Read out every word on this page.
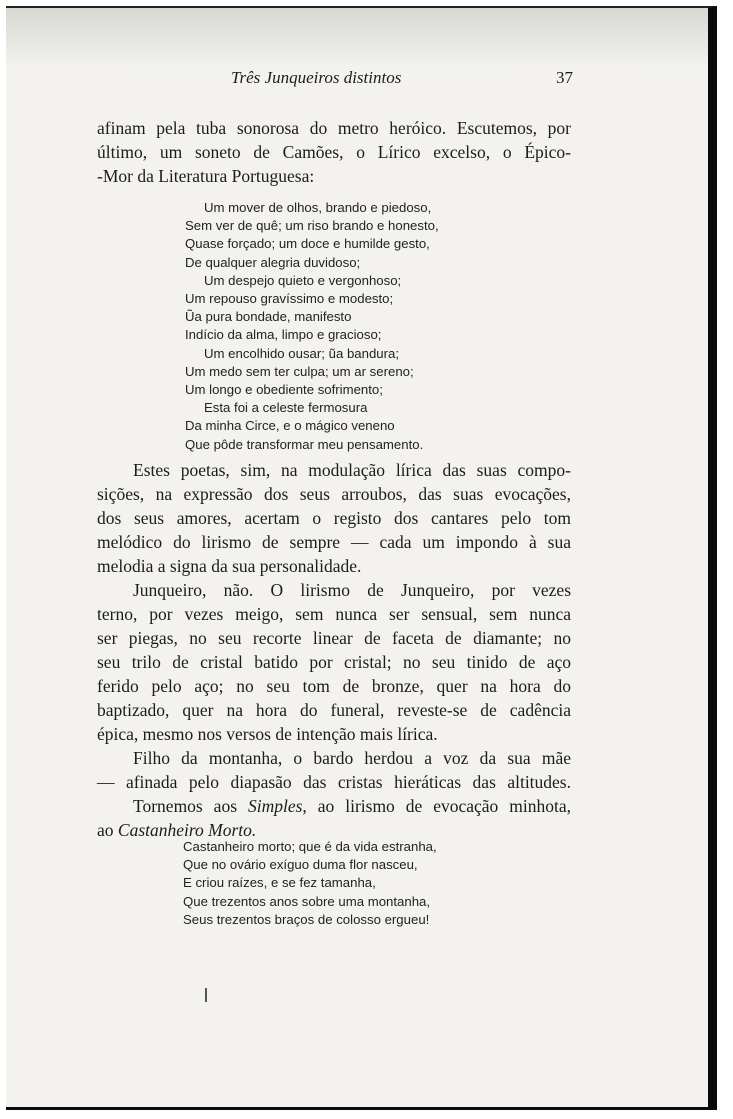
Três Junqueiros distintos	37

afinam pela tuba sonorosa do metro heróico. Escutemos, por

último, um soneto de Camões, o Lírico excelso, o Épico-

-Mor da Literatura Portuguesa:

Um mover de olhos, brando e piedoso,
Sem ver de quê; um riso brando e honesto,
Quase forçado; um doce e humilde gesto,
De qualquer alegria duvidoso;
Um despejo quieto e vergonhoso;
Um repouso gravíssimo e modesto;
Ũa pura bondade, manifesto
Indício da alma, limpo e gracioso;
Um encolhido ousar; ũa bandura;
Um medo sem ter culpa; um ar sereno;
Um longo e obediente sofrimento;
Esta foi a celeste fermosura
Da minha Circe, e o mágico veneno
Que pôde transformar meu pensamento.

Estes poetas, sim, na modulação lírica das suas compo-

sições, na expressão dos seus arroubos, das suas evocações,

dos seus amores, acertam o registo dos cantares pelo tom

melódico do lirismo de sempre — cada um impondo à sua

melodia a signa da sua personalidade.

Junqueiro, não. O lirismo de Junqueiro, por vezes

terno, por vezes meigo, sem nunca ser sensual, sem nunca

ser piegas, no seu recorte linear de faceta de diamante; no

seu trilo de cristal batido por cristal; no seu tinido de aço

ferido pelo aço; no seu tom de bronze, quer na hora do

baptizado, quer na hora do funeral, reveste-se de cadência

épica, mesmo nos versos de intenção mais lírica.

Filho da montanha, o bardo herdou a voz da sua mãe

— afinada pelo diapasão das cristas hieráticas das altitudes.

Tornemos aos Simples, ao lirismo de evocação minhota,

ao Castanheiro Morto.

Castanheiro morto; que é da vida estranha,
Que no ovário exíguo duma flor nasceu,
E criou raízes, e se fez tamanha,
Que trezentos anos sobre uma montanha,
Seus trezentos braços de colosso ergueu!
